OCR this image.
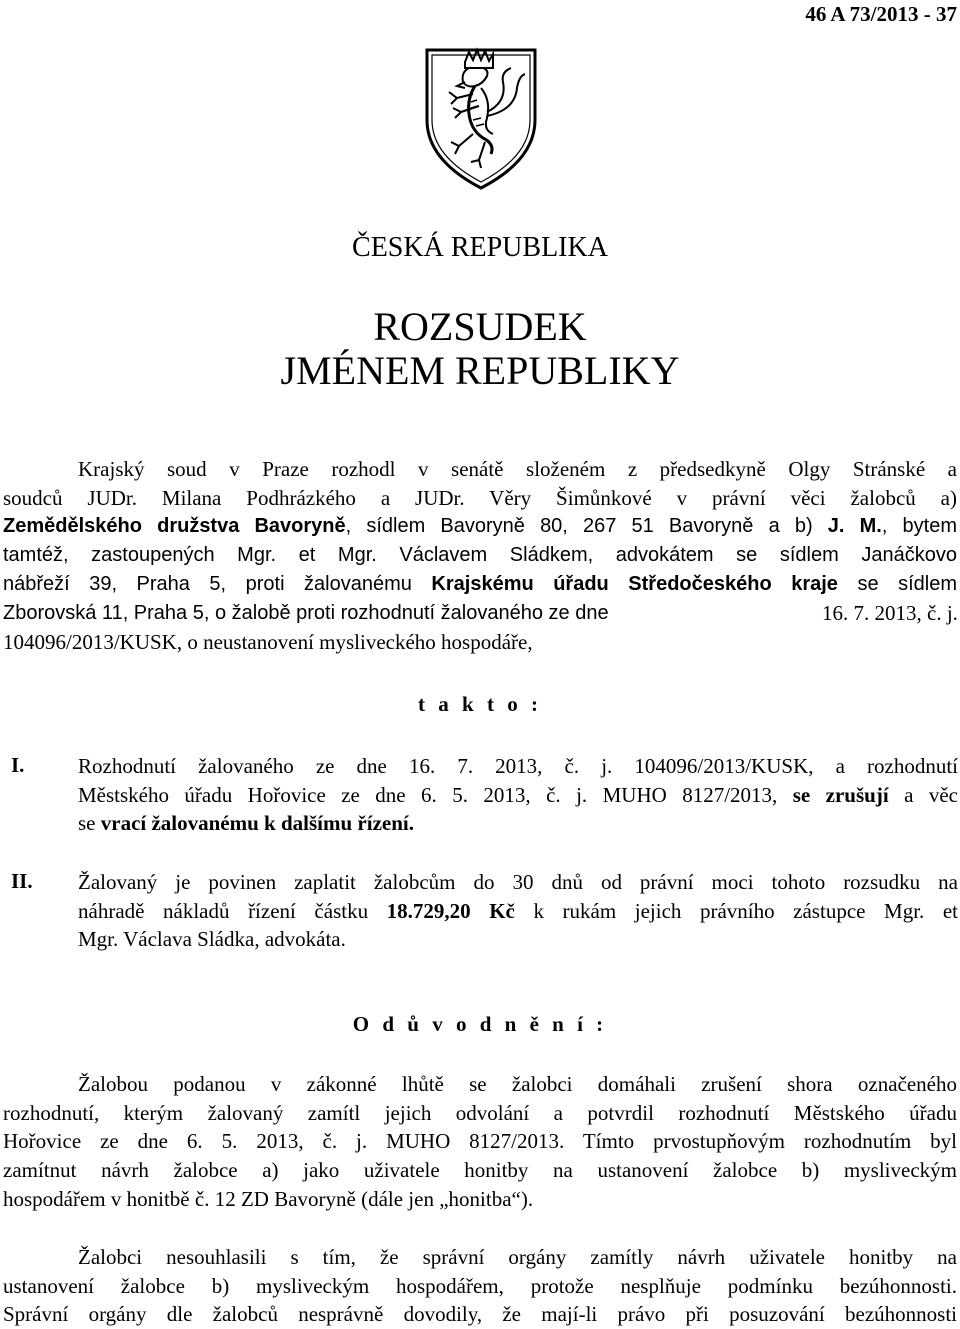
46 A 73/2013 - 37
ČESKÁ REPUBLIKA
ROZSUDEK
JMÉNEM REPUBLIKY
Krajský soud v Praze rozhodl v senátě složeném z předsedkyně Olgy Stránské a
soudců JUDr. Milana Podhrázkého a JUDr. Věry Šimůnkové v právní věci žalobců a)
Zemědělského družstva Bavoryně, sídlem Bavoryně 80, 267 51 Bavoryně a b) J. M., bytem
tamtéž, zastoupených Mgr. et Mgr. Václavem Sládkem, advokátem se sídlem Janáčkovo
nábřeží 39, Praha 5, proti žalovanému Krajskému úřadu Středočeského kraje se sídlem
Zborovská 11, Praha 5, o žalobě proti rozhodnutí žalovaného ze dne	16. 7. 2013, č. j.
104096/2013/KUSK, o neustanovení mysliveckého hospodáře,
t a k t o :
I.	Rozhodnutí žalovaného ze dne 16. 7. 2013, č. j. 104096/2013/KUSK, a rozhodnutí
Městského úřadu Hořovice ze dne 6. 5. 2013, č. j. MUHO 8127/2013, se zrušují a věc
se vrací žalovanému k dalšímu řízení.
II. Žalovaný je povinen zaplatit žalobcům do 30 dnů od právní moci tohoto rozsudku na
náhradě nákladů řízení částku 18.729,20 Kč k rukám jejich právního zástupce Mgr. et
Mgr. Václava Sládka, advokáta.
O d ů v o d n ě n í :
Žalobou podanou v zákonné lhůtě se žalobci domáhali zrušení shora označeného
rozhodnutí, kterým žalovaný zamítl jejich odvolání a potvrdil rozhodnutí Městského úřadu
Hořovice ze dne 6. 5. 2013, č. j. MUHO 8127/2013. Tímto prvostupňovým rozhodnutím byl
zamítnut návrh žalobce a) jako uživatele honitby na ustanovení žalobce b) mysliveckým
hospodářem v honitbě č. 12 ZD Bavoryně (dále jen „honitba“).
Žalobci nesouhlasili s tím, že správní orgány zamítly návrh uživatele honitby na
ustanovení žalobce b) mysliveckým hospodářem, protože nesplňuje podmínku bezúhonnosti.
Správní orgány dle žalobců nesprávně dovodily, že mají-li právo při posuzování bezúhonnosti
